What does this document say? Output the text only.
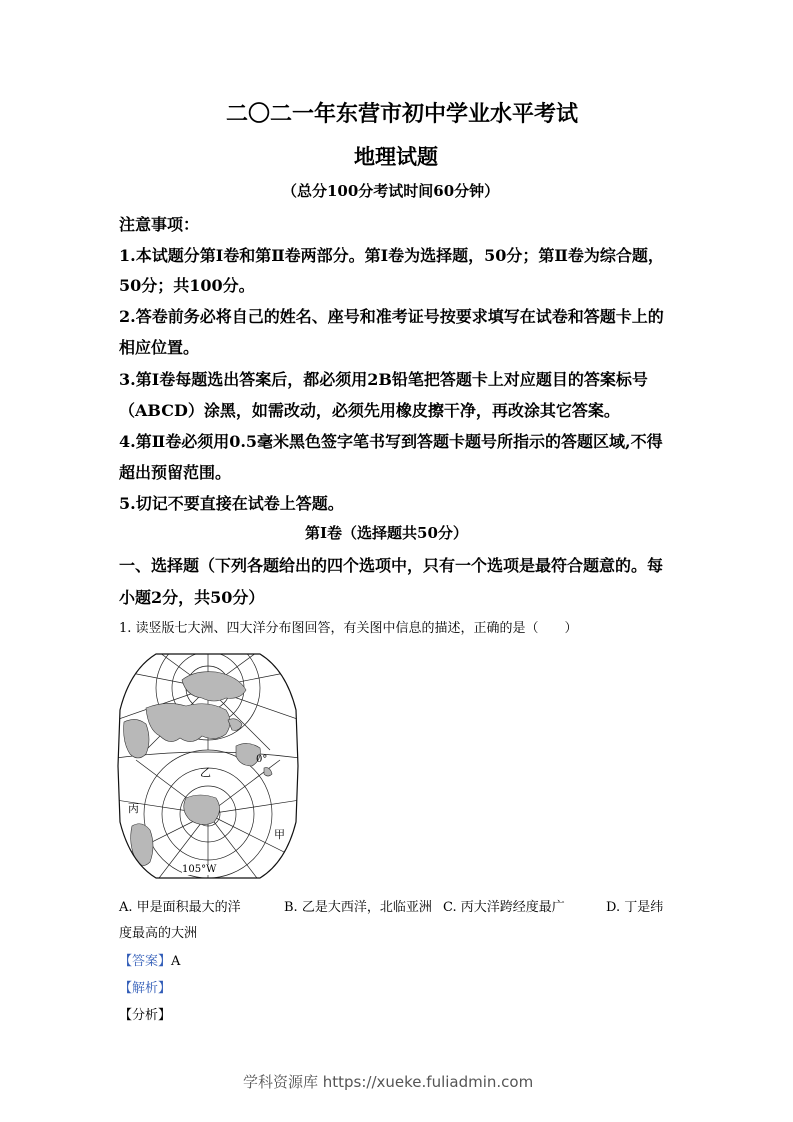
二〇二一年东营市初中学业水平考试
地理试题
（总分100分考试时间60分钟）
注意事项：
1.本试题分第Ⅰ卷和第Ⅱ卷两部分。第Ⅰ卷为选择题，50分；第Ⅱ卷为综合题，
50分；共100分。
2.答卷前务必将自己的姓名、座号和准考证号按要求填写在试卷和答题卡上的
相应位置。
3.第Ⅰ卷每题选出答案后，都必须用2B铅笔把答题卡上对应题目的答案标号
（ABCD）涂黑，如需改动，必须先用橡皮擦干净，再改涂其它答案。
4.第Ⅱ卷必须用0.5毫米黑色签字笔书写到答题卡题号所指示的答题区域,不得
超出预留范围。
5.切记不要直接在试卷上答题。
第Ⅰ卷（选择题共50分）
一、选择题（下列各题给出的四个选项中，只有一个选项是最符合题意的。每
小题2分，共50分）
1. 读竖版七大洲、四大洋分布图回答，有关图中信息的描述，正确的是（　　）
丙
乙
甲
0°
105°W
A. 甲是面积最大的洋	B. 乙是大西洋，北临亚洲 C. 丙大洋跨经度最广	D. 丁是纬
度最高的大洲
【答案】A
【解析】
【分析】
学科资源库 https://xueke.fuliadmin.com
